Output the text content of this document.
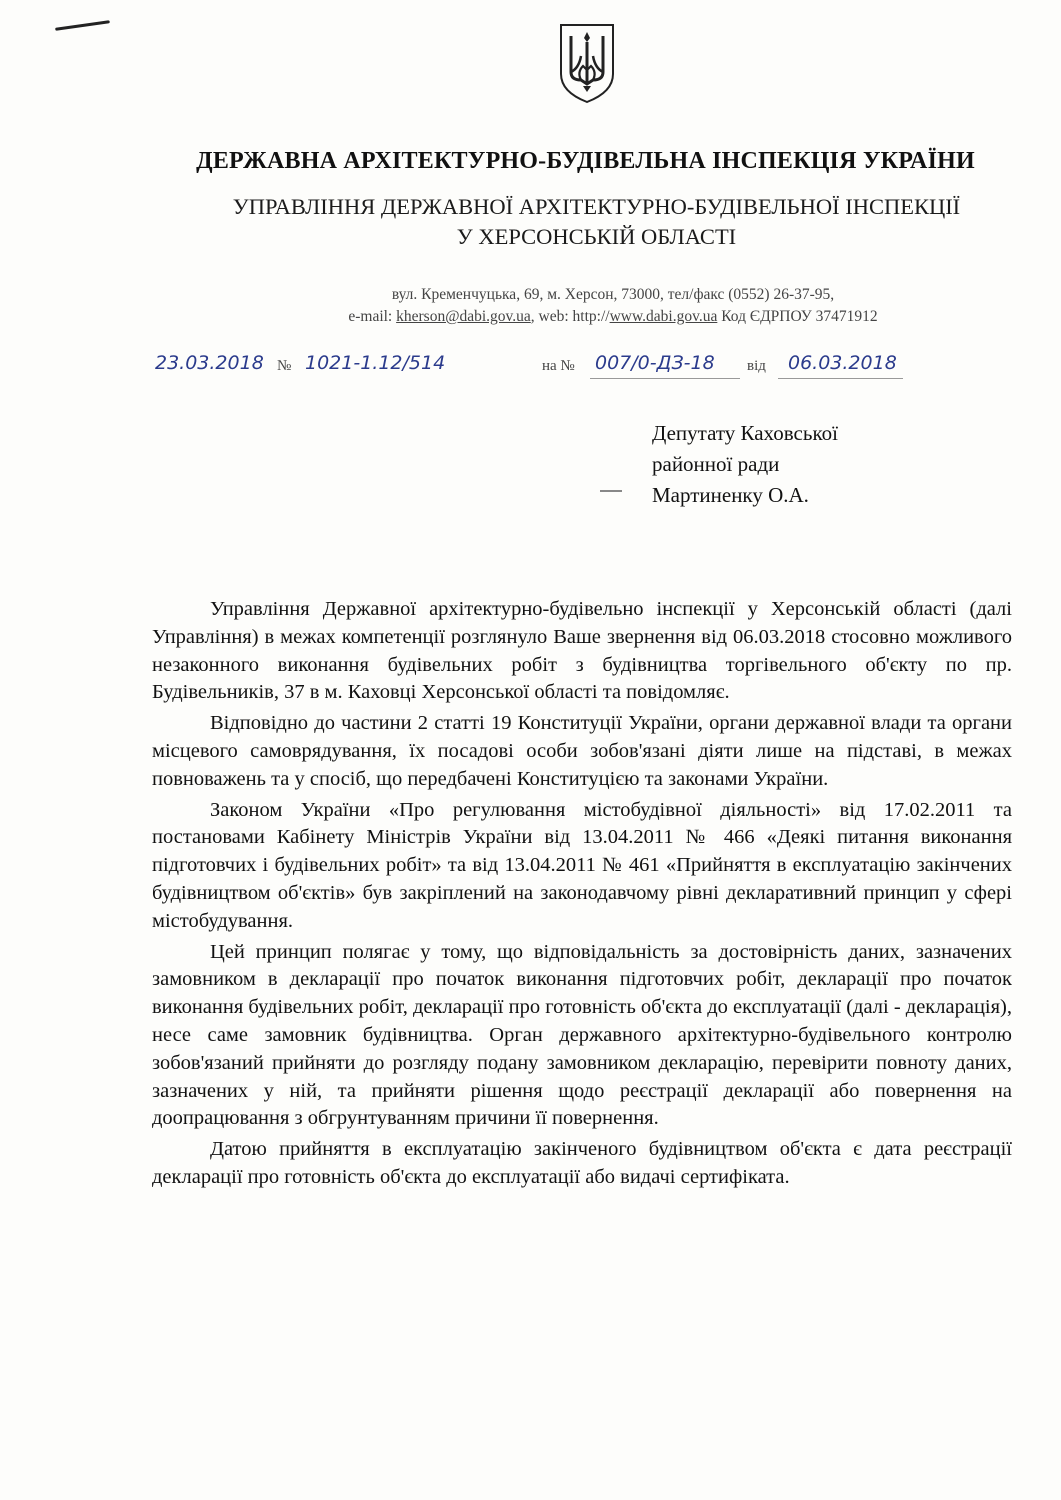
ДЕРЖАВНА АРХІТЕКТУРНО-БУДІВЕЛЬНА ІНСПЕКЦІЯ УКРАЇНИ
УПРАВЛІННЯ ДЕРЖАВНОЇ АРХІТЕКТУРНО-БУДІВЕЛЬНОЇ ІНСПЕКЦІЇ
У ХЕРСОНСЬКІЙ ОБЛАСТІ
вул. Кременчуцька, 69, м. Херсон, 73000, тел/факс (0552) 26-37-95,
e-mail: kherson@dabi.gov.ua, web: http://www.dabi.gov.ua Код ЄДРПОУ 37471912
23.03.2018 № 1021-1.12/514	на № 007/0-ДЗ-18 від 06.03.2018
Депутату Каховської
районної ради
Мартиненку О.А.

Управління Державної архітектурно-будівельно інспекції у Херсонській області (далі Управління) в межах компетенції розглянуло Ваше звернення від 06.03.2018 стосовно можливого незаконного виконання будівельних робіт з будівництва торгівельного об'єкту по пр. Будівельників, 37 в м. Каховці Херсонської області та повідомляє.

Відповідно до частини 2 статті 19 Конституції України, органи державної влади та органи місцевого самоврядування, їх посадові особи зобов'язані діяти лише на підставі, в межах повноважень та у спосіб, що передбачені Конституцією та законами України.

Законом України «Про регулювання містобудівної діяльності» від 17.02.2011 та постановами Кабінету Міністрів України від 13.04.2011 № 466 «Деякі питання виконання підготовчих і будівельних робіт» та від 13.04.2011 № 461 «Прийняття в експлуатацію закінчених будівництвом об'єктів» був закріплений на законодавчому рівні декларативний принцип у сфері містобудування.

Цей принцип полягає у тому, що відповідальність за достовірність даних, зазначених замовником в декларації про початок виконання підготовчих робіт, декларації про початок виконання будівельних робіт, декларації про готовність об'єкта до експлуатації (далі - декларація), несе саме замовник будівництва. Орган державного архітектурно-будівельного контролю зобов'язаний прийняти до розгляду подану замовником декларацію, перевірити повноту даних, зазначених у ній, та прийняти рішення щодо реєстрації декларації або повернення на доопрацювання з обгрунтуванням причини її повернення.

Датою прийняття в експлуатацію закінченого будівництвом об'єкта є дата реєстрації декларації про готовність об'єкта до експлуатації або видачі сертифіката.
